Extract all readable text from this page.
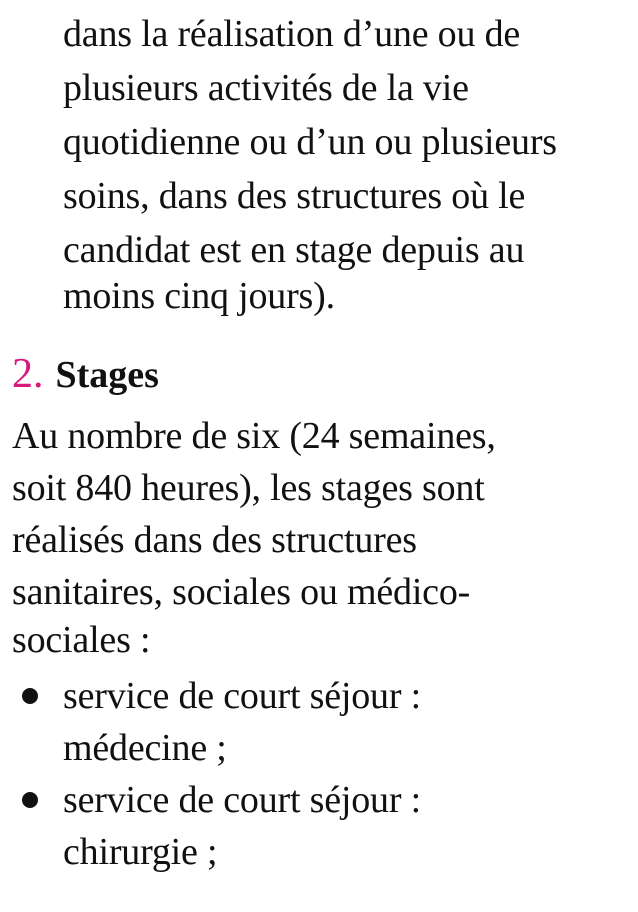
dans la réalisation d’une ou de
plusieurs activités de la vie
quotidienne ou d’un ou plusieurs
soins, dans des structures où le
candidat est en stage depuis au
moins cinq jours).
2. Stages
Au nombre de six (24 semaines,
soit 840 heures), les stages sont
réalisés dans des structures
sanitaires, sociales ou médico-
sociales :
service de court séjour :
médecine ;
service de court séjour :
chirurgie ;
